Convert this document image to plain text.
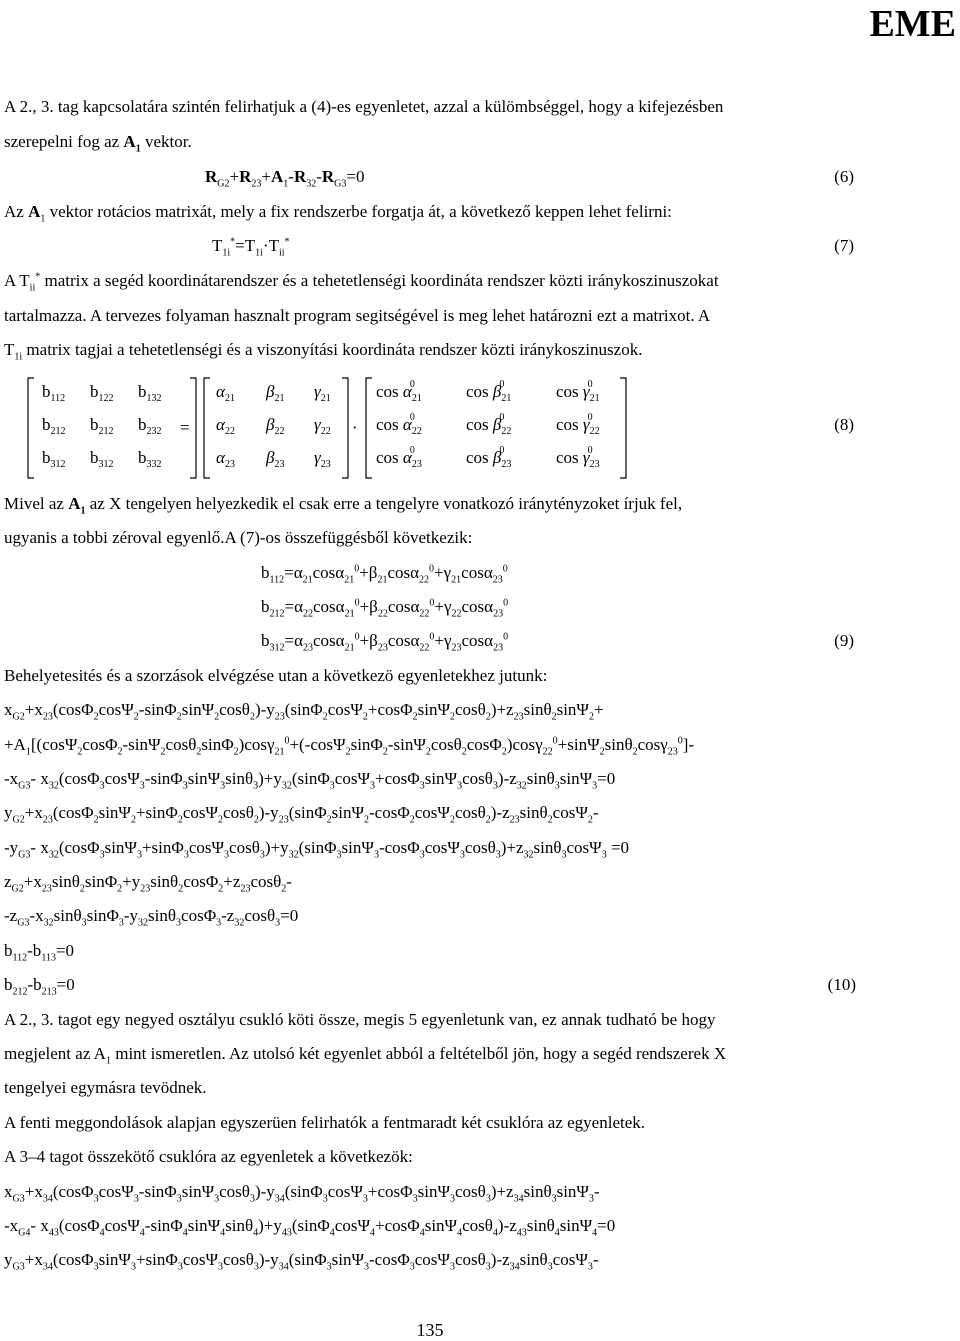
EME
A 2., 3. tag kapcsolatára szintén felirhatjuk a (4)-es egyenletet, azzal a külömbséggel, hogy a kifejezésben
szerepelni fog az $A_1$ vektor.
$R_{G2}+R_{23}+A_1-R_{32}-R_{G3}=0$	(6)
Az $A_1$ vektor rotácios matrixát, mely a fix rendszerbe forgatja át, a következő keppen lehet felirni:
$T_{1i}^*=T_{1i}\cdot T_{ii}^*$	(7)
A $T_{ii}^*$ matrix a segéd koordinátarendszer és a tehetetlenségi koordináta rendszer közti iránykoszinuszokat
tartalmazza. A tervezes folyaman hasznalt program segitségével is meg lehet határozni ezt a matrixot. A
$T_{1i}$ matrix tagjai a tehetetlenségi és a viszonyítási koordináta rendszer közti iránykoszinuszok.
$b_{112}$ $b_{122}$ $b_{132}$
$b_{212}$ $b_{212}$ $b_{232}$
$b_{312}$ $b_{312}$ $b_{332}$
$\alpha_{21}$ $\beta_{21}$ $\gamma_{21}$
$\alpha_{22}$ $\beta_{22}$ $\gamma_{22}$
$\alpha_{23}$ $\beta_{23}$ $\gamma_{23}$
$\cos \alpha_{21}0$	$\cos \beta_{21}0$	$\cos \gamma_{21}0$
$\cos \alpha_{22}0$	$\cos \beta_{22}0$	$\cos \gamma_{22}0$
$\cos \alpha_{23}0$	$\cos \beta_{23}0$	$\cos \gamma_{23}0$
=	·	(8)
Mivel az $A_1$ az X tengelyen helyezkedik el csak erre a tengelyre vonatkozó iránytényzoket írjuk fel,
ugyanis a tobbi zéroval egyenlő.A (7)-os összefüggésből következik:
$b_{112}=\alpha_{21}\cos\alpha_{21}^0+\beta_{21}\cos\alpha_{22}^0+\gamma_{21}\cos\alpha_{23}^0$
$b_{212}=\alpha_{22}\cos\alpha_{21}^0+\beta_{22}\cos\alpha_{22}^0+\gamma_{22}\cos\alpha_{23}^0$
$b_{312}=\alpha_{23}\cos\alpha_{21}^0+\beta_{23}\cos\alpha_{22}^0+\gamma_{23}\cos\alpha_{23}^0$	(9)
Behelyetesités és a szorzások elvégzése utan a következö egyenletekhez jutunk:
$x_{G2}+x_{23}(\cos\Phi_2\cos\Psi_2-\sin\Phi_2\sin\Psi_2\cos\theta_2)-y_{23}(\sin\Phi_2\cos\Psi_2+\cos\Phi_2\sin\Psi_2\cos\theta_2)+z_{23}\sin\theta_2\sin\Psi_2+$
$+A_1[(\cos\Psi_2\cos\Phi_2-\sin\Psi_2\cos\theta_2\sin\Phi_2)\cos\gamma_{21}^0+(-\cos\Psi_2\sin\Phi_2-\sin\Psi_2\cos\theta_2\cos\Phi_2)\cos\gamma_{22}^0+\sin\Psi_2\sin\theta_2\cos\gamma_{23}^0]-$
$-x_{G3}-$ $x_{32}(\cos\Phi_3\cos\Psi_3-\sin\Phi_3\sin\Psi_3\sin\theta_3)+y_{32}(\sin\Phi_3\cos\Psi_3+\cos\Phi_3\sin\Psi_3\cos\theta_3)-z_{32}\sin\theta_3\sin\Psi_3=0$
$y_{G2}+x_{23}(\cos\Phi_2\sin\Psi_2+\sin\Phi_2\cos\Psi_2\cos\theta_2)-y_{23}(\sin\Phi_2\sin\Psi_2-\cos\Phi_2\cos\Psi_2\cos\theta_2)-z_{23}\sin\theta_2\cos\Psi_2-$
$-y_{G3}-$ $x_{32}(\cos\Phi_3\sin\Psi_3+\sin\Phi_3\cos\Psi_3\cos\theta_3)+y_{32}(\sin\Phi_3\sin\Psi_3-\cos\Phi_3\cos\Psi_3\cos\theta_3)+z_{32}\sin\theta_3\cos\Psi_3 =0$
$z_{G2}+x_{23}\sin\theta_2\sin\Phi_2+y_{23}\sin\theta_2\cos\Phi_2+z_{23}\cos\theta_2-$
$-z_{G3}-x_{32}\sin\theta_3\sin\Phi_3-y_{32}\sin\theta_3\cos\Phi_3-z_{32}\cos\theta_3=0$
$b_{112}-b_{113}=0$
$b_{212}-b_{213}=0$	(10)
A 2., 3. tagot egy negyed osztályu csukló köti össze, megis 5 egyenletunk van, ez annak tudható be hogy
megjelent az $A_1$ mint ismeretlen. Az utolsó két egyenlet abból a feltételből jön, hogy a segéd rendszerek X
tengelyei egymásra tevödnek.
A fenti meggondolások alapjan egyszerüen felirhatók a fentmaradt két csuklóra az egyenletek.
A 3–4 tagot összekötő csuklóra az egyenletek a következök:
$x_{G3}+x_{34}(\cos\Phi_3\cos\Psi_3-\sin\Phi_3\sin\Psi_3\cos\theta_3)-y_{34}(\sin\Phi_3\cos\Psi_3+\cos\Phi_3\sin\Psi_3\cos\theta_3)+z_{34}\sin\theta_3\sin\Psi_3-$
$-x_{G4}-$ $x_{43}(\cos\Phi_4\cos\Psi_4-\sin\Phi_4\sin\Psi_4\sin\theta_4)+y_{43}(\sin\Phi_4\cos\Psi_4+\cos\Phi_4\sin\Psi_4\cos\theta_4)-z_{43}\sin\theta_4\sin\Psi_4=0$
$y_{G3}+x_{34}(\cos\Phi_3\sin\Psi_3+\sin\Phi_3\cos\Psi_3\cos\theta_3)-y_{34}(\sin\Phi_3\sin\Psi_3-\cos\Phi_3\cos\Psi_3\cos\theta_3)-z_{34}\sin\theta_3\cos\Psi_3-$
135
